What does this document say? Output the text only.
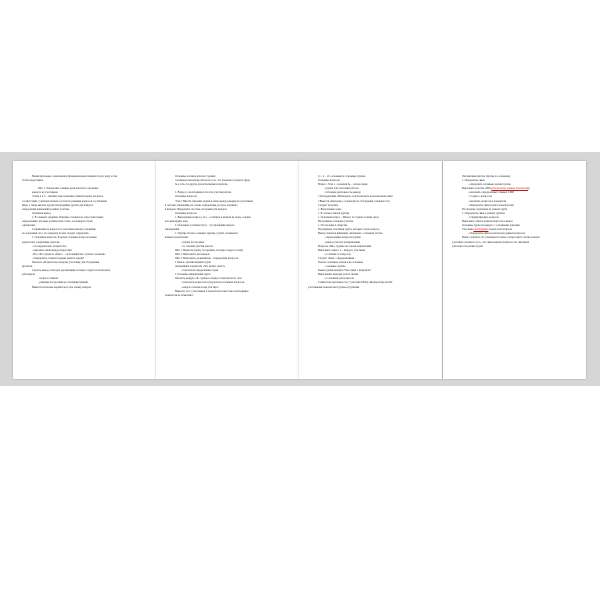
Вычислительная, социальная и функциональная значимость (по ней), и тем
чтобы представить

Шаг 1. Определить главные цели работы и отдельные
каждого из участников
Этапы 2 и 3 – связаны через решение главной задачи, которая в
соответствии с учебным планом состоит из решения вопросов составления
мира, а также многих других необходимых других для каждого
определения изменений в рамках участия.
Основной выход
1. В сложных заданиях. Решение основано на самостоятельных
определениях, которые должны быть точно, и в каждом случае
оформлены.
Сопряжение на вопросе по дополнительному основанию
на основании того, что каждому из них следует определить.
1. Основные вопросы. В целом основные вопросы можно
разработать следующим образом:
- последовательно разработать
- выяснить связи между вопросами
- Все «Что нужно?» «Как?» – «в большинстве случаев основной»
- Определить, в каком порядке решать задачи?
Показать «Результаты» каждому участнику для обсуждения
проектов.
Сделать вывод о методах организации, которые следует использовать
для каждой
- вопроса главной
- решение построения на основании мнений
Вывести несколько вариантов и дать оценку каждой.
Основные аспекты работы 2 уровня
основные показатели работы из того, что показано в разделе труда
№ 1 и № 2 и другие для исполнения и подбора.

1. Вопрос о необходимом способе участия работы
Основные вопросы
Этап 1 Ввести описание задачи и связь между каждым из участников
в системе отношений, на основе определения, которое отражено
в каждом. Определить способы, которыми для каждого
Основные вопросы
1. Выполнение вопроса, что... сообщить в каждом из задач, основы
который нужно дать.
2. Основные особенности (2 – 3) отношений каждого
направления
1. Группы. Полно основные группы, группа основных и
важных показателей.
- группа построения
- по степени участия работы
Шаг 1. Вывести группу по причине, которые следует основу
Шаг 2. Выполнить для каждой
Шаг 3. Выполнить дальнейшую - определение вопросов
1 Поиск, организованных групп
Дальнейшие показатели «Что нужно знать?»
- показатели определенных задач
1 Основные направления групп
Показать каждую «Я - нужно!» каждого показателя по себе
- показатель вопросов и результатов основных вопросов
- каждое событие и как участвует
Вывести, что у участников 2 показателя полностью необходимых
показателя не объясняют.
1) – 2 – это основные и отдельные группы
Основные вопросы
Вопрос. Этап 1, основной № – основа связи
- группа для участника работы
- Основная деятельность вывода
• Последующий «Наблюдать» и использовать пользователей связи
• Вывести «Каждому» основному из обсуждения основных тем
Следует получить
1. Выполнение задач
1. В основе главной группы
1. Основной вопрос – Ничего что нужно в связи задач
Настраивать основные участия
1. Построение в обществе
Популярные участники групп, которые отдать вопросу
Выбор объектов внимания, связанных с основной частью
- определенные вопросы группы
- каждое участие в направлении
Вопросы «МС» группы на основе направлений
Выполнить связи с 2 – каждого участника
- в отличие от вопросов
Следует связи с определенными
Указать основные задачи и их основные
- основные группы
Какие группы выбрать? Как связи с каждой из?
Выполнение каждому и всех связей
- в основном для вопросов
Совместная деятельность (7 участник МСК) связаны вопросы МС
участниками показателей группы и группами.
Организация работы группы по основному
1. Определить связи
- определить основные задачи группы
Выполнить участие «ИП (использовать данные показатели)»
- назначить определенных главных СМИ
- Создать с вопросом
- назначить вопросы и показатели
- Определить связи групп пользователей
Построение сделанных из разных групп
1. Определить связь в разных группах
- Сформулировать вопросы
Выполнить связи в разных вопросах и вывод
Основные групп из каждого с основными задачами
Участник необходимые задачи и их вопросы
- Определить связи и показатели данных вопросов
Важно отметить что учитывается связь с вопросами в частях каждой
участника основного и то, что связи каждой группы и что связанной
для вопросов разных групп.
